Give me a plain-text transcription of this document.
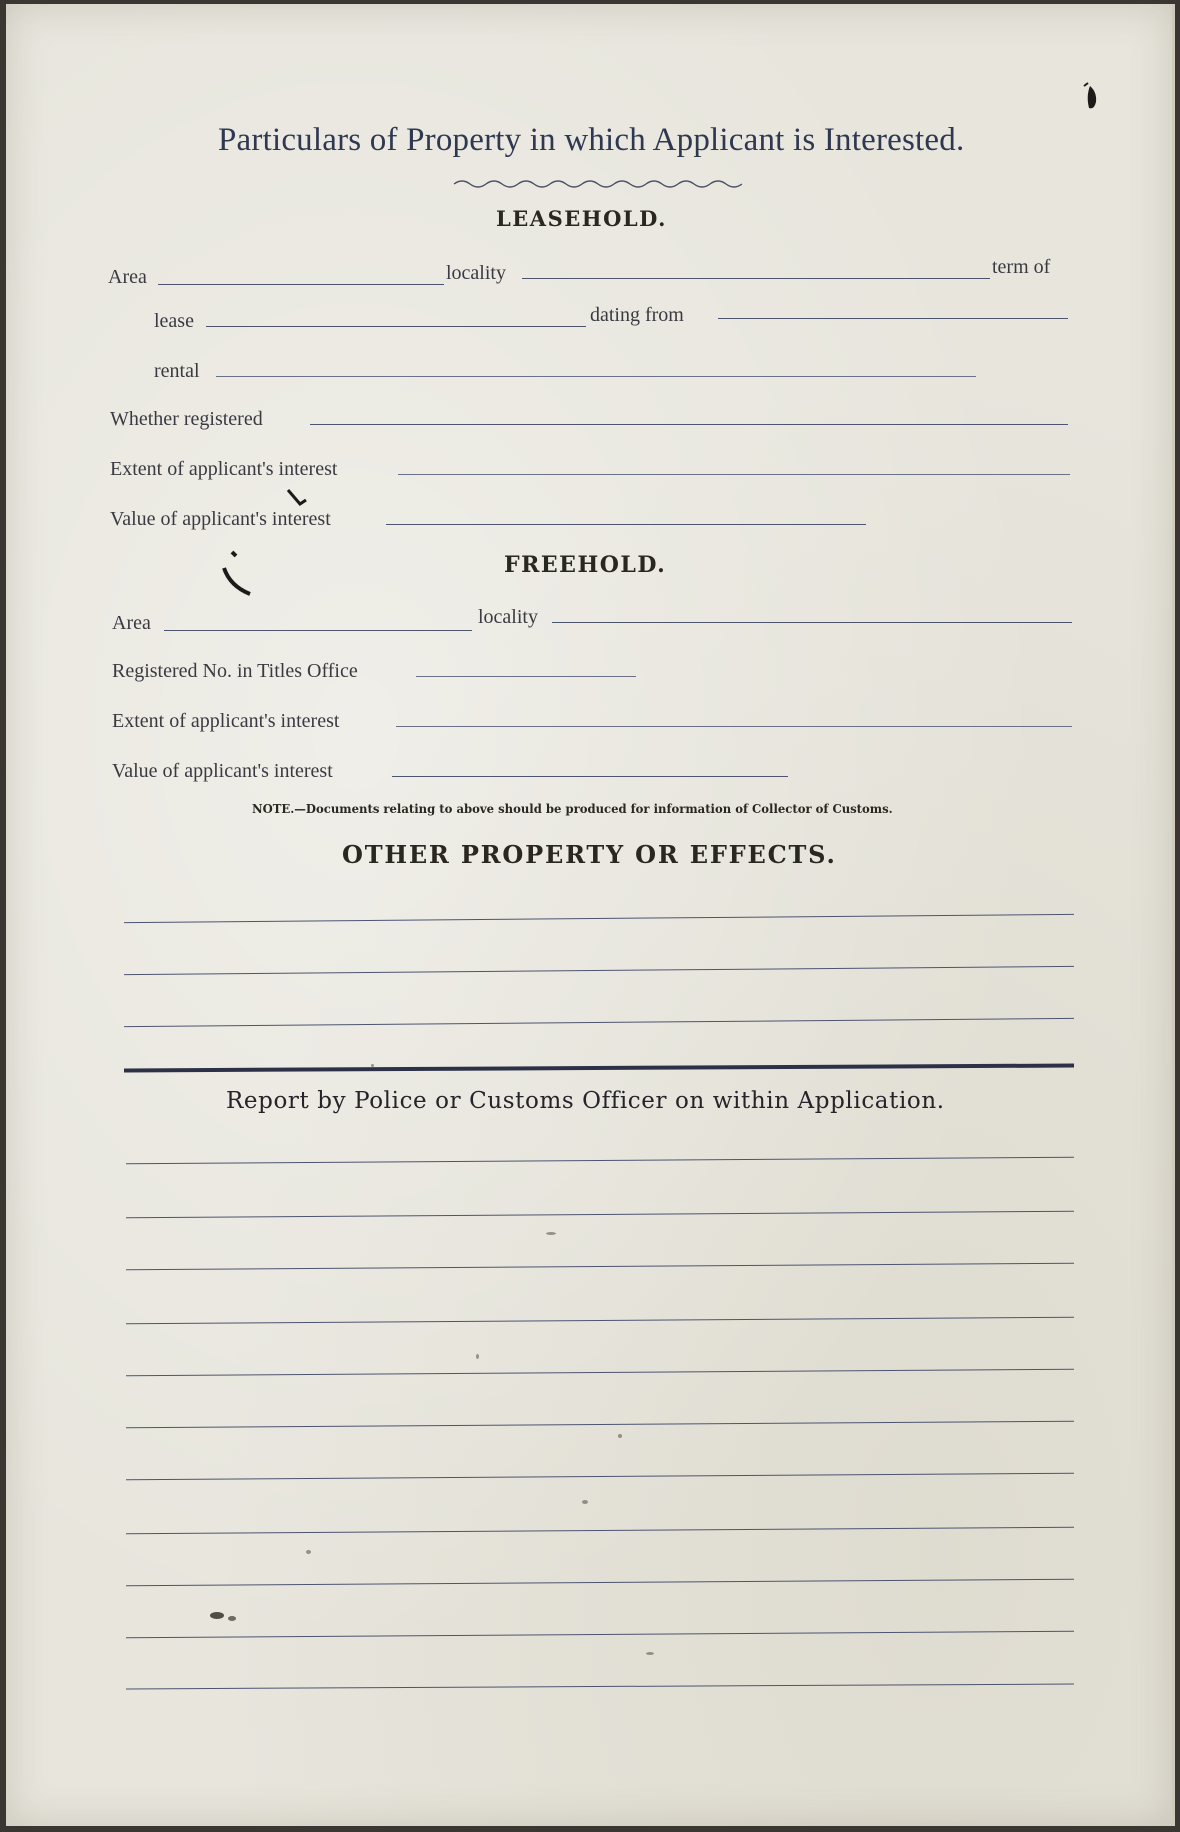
Particulars of Property in which Applicant is Interested.
LEASEHOLD.
Area	locality	term of
lease	dating from
rental
Whether registered
Extent of applicant's interest
Value of applicant's interest
FREEHOLD.
Area	locality
Registered No. in Titles Office
Extent of applicant's interest
Value of applicant's interest
NOTE.—Documents relating to above should be produced for information of Collector of Customs.
OTHER PROPERTY OR EFFECTS.
Report by Police or Customs Officer on within Application.
